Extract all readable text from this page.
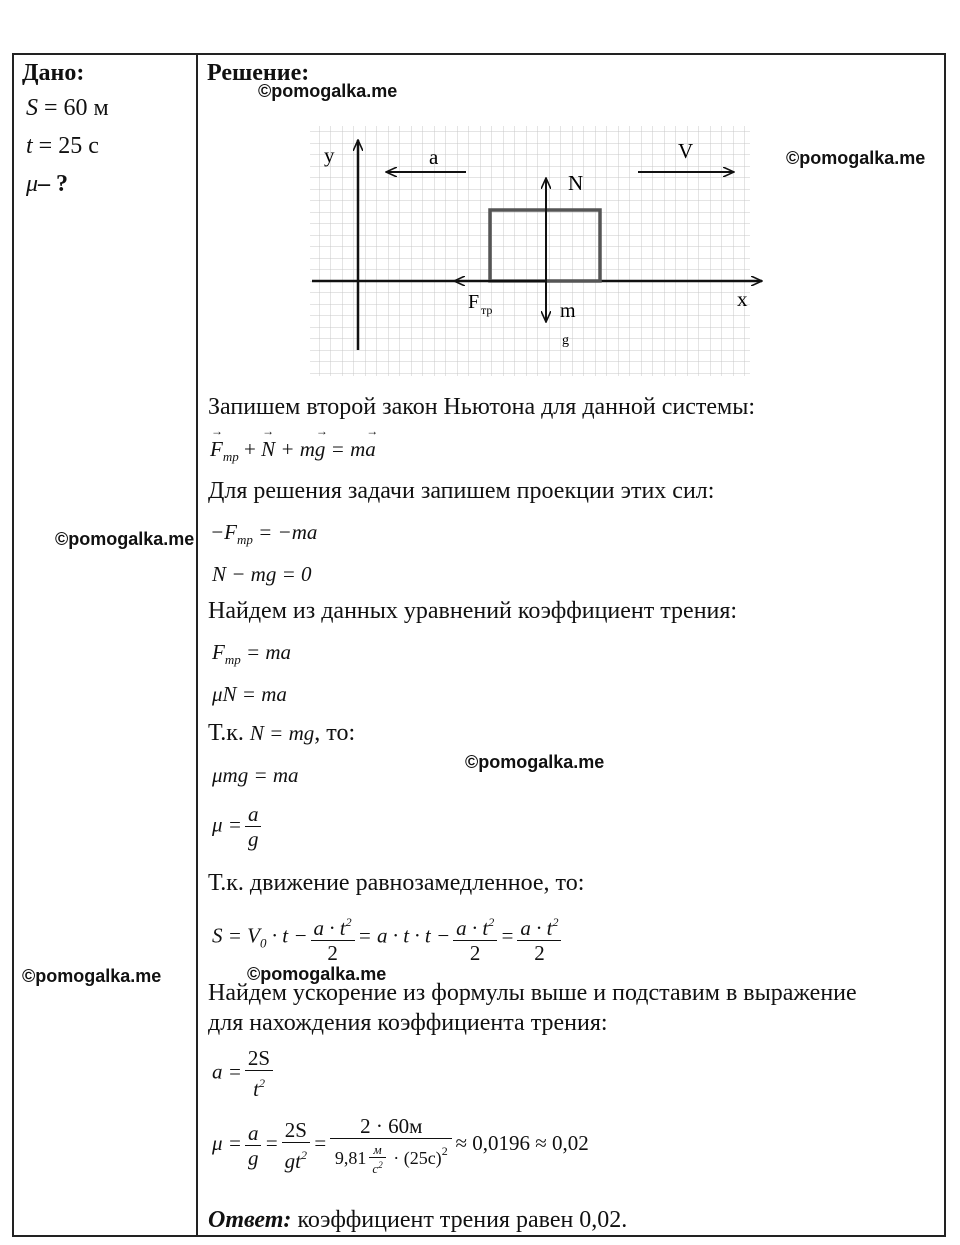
Дано:
S = 60 м
t = 25 с
μ– ?
Решение:
©pomogalka.me
©pomogalka.me
©pomogalka.me
©pomogalka.me
©pomogalka.me	©pomogalka.me
y	a	V
N
x
F тр	m
g
Запишем второй закон Ньютона для данной системы:
→ $F_{тр}$ + → N + m→ g = m→ a
Для решения задачи запишем проекции этих сил:
$-F_{тр} = -ma$
N − mg = 0
Найдем из данных уравнений коэффициент трения:
$F_{тр}$ = ma
μN = ma
Т.к. N = mg, то:
μmg = ma
$\mu = \frac{a}{g}$
Т.к. движение равнозамедленное, то:
$S = V_0 \cdot t - \frac{a \cdot t^2}{2} = a \cdot t \cdot t - \frac{a \cdot t^2}{2} = \frac{a \cdot t^2}{2}$
Найдем ускорение из формулы выше и подставим в выражение
для нахождения коэффициента трения:
$a = \frac{2S}{t^2}$
$\mu = \frac{a}{g} = \frac{2S}{gt^2} = \frac{2 \cdot 60м}{9,81 \frac{м}{с^2} \cdot (25с)^2} \approx 0,0196 \approx 0,02$
Ответ: коэффициент трения равен 0,02.
